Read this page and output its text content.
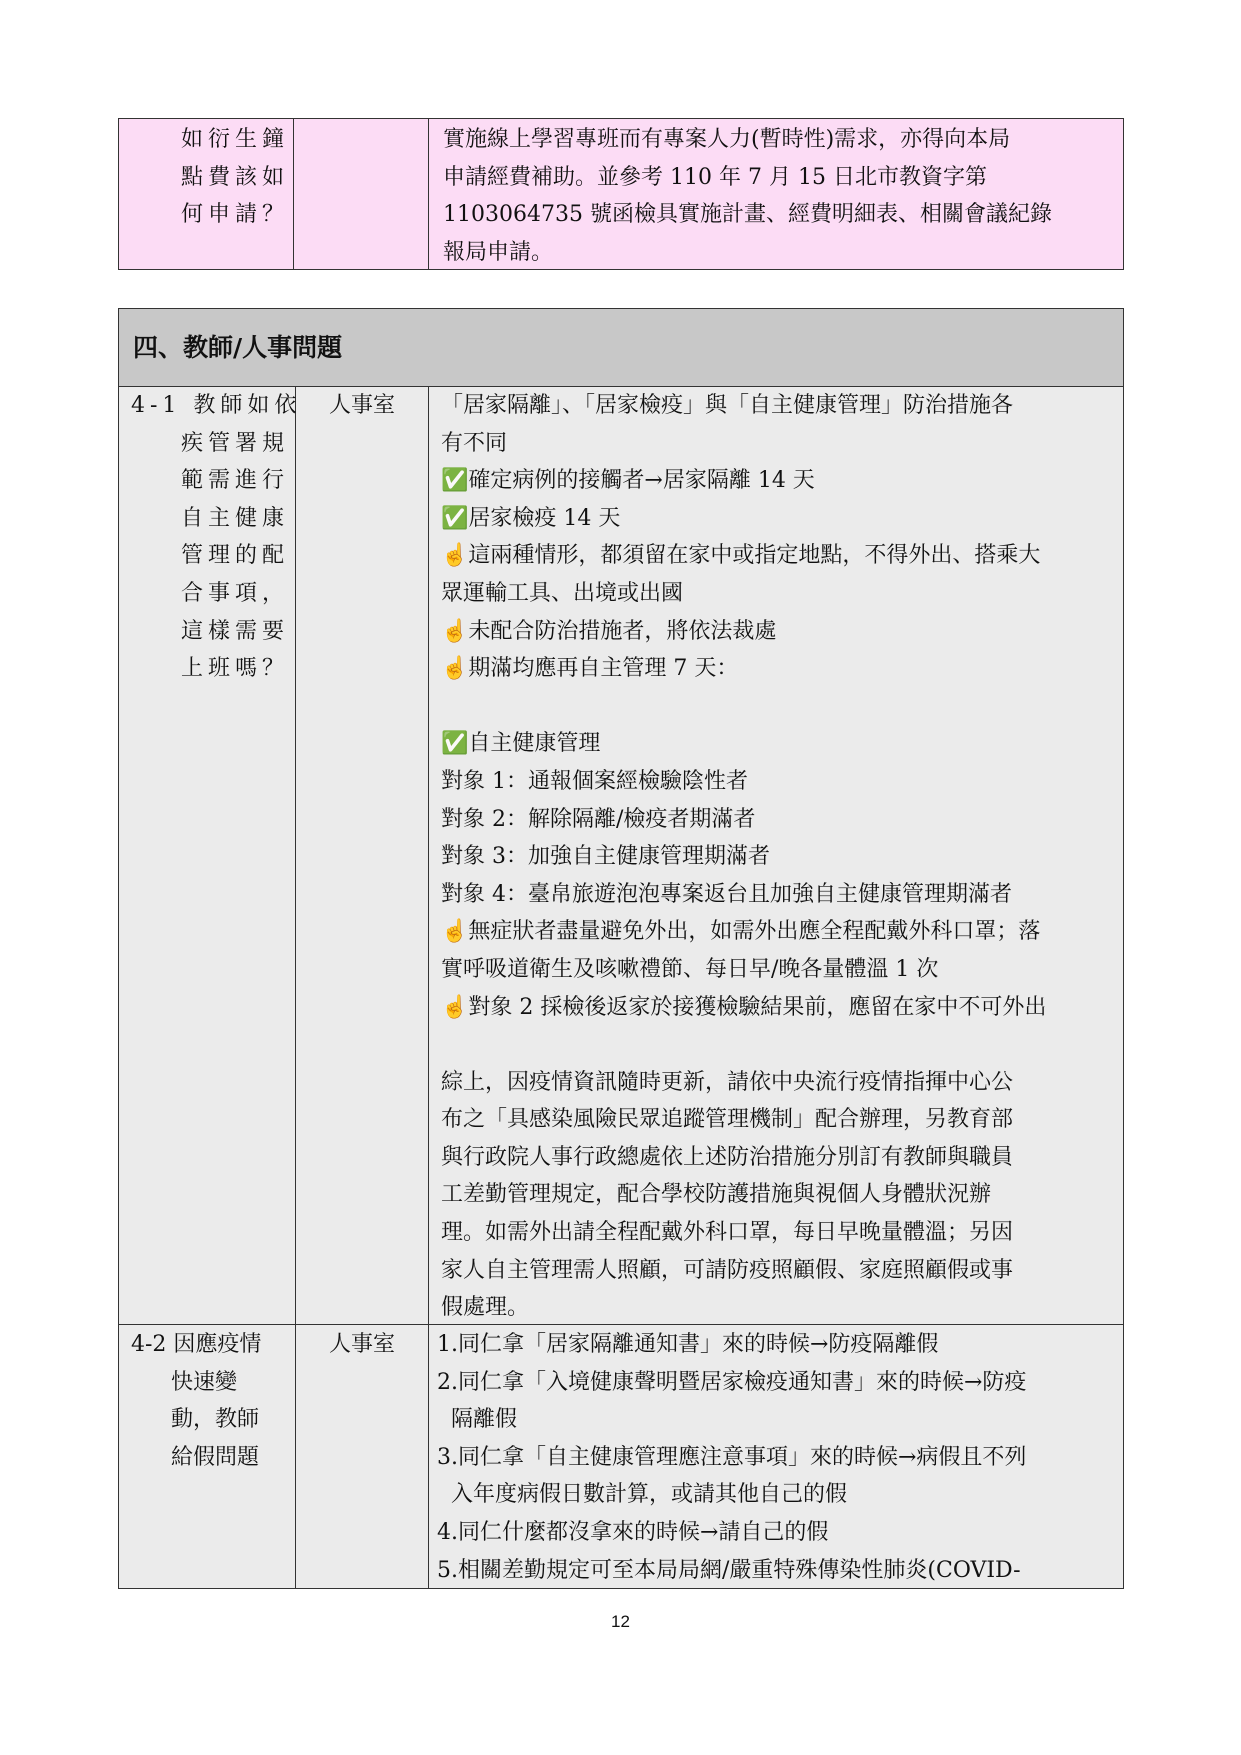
如衍生鐘
點費該如
何申請？
實施線上學習專班而有專案人力(暫時性)需求，亦得向本局
申請經費補助。並參考 110 年 7 月 15 日北市教資字第
1103064735 號函檢具實施計畫、經費明細表、相關會議紀錄
報局申請。
四、教師/人事問題
4-1 教師如依
疾管署規
範需進行
自主健康
管理的配
合事項，
這樣需要
上班嗎？
人事室 「居家隔離」、「居家檢疫」與「自主健康管理」防治措施各
有不同
✅確定病例的接觸者→居家隔離 14 天
✅居家檢疫 14 天
☝這兩種情形，都須留在家中或指定地點，不得外出、搭乘大
眾運輸工具、出境或出國
☝未配合防治措施者，將依法裁處
☝期滿均應再自主管理 7 天：
✅自主健康管理
對象 1：通報個案經檢驗陰性者
對象 2：解除隔離/檢疫者期滿者
對象 3：加強自主健康管理期滿者
對象 4：臺帛旅遊泡泡專案返台且加強自主健康管理期滿者
☝無症狀者盡量避免外出，如需外出應全程配戴外科口罩；落
實呼吸道衛生及咳嗽禮節、每日早/晚各量體溫 1 次
☝對象 2 採檢後返家於接獲檢驗結果前，應留在家中不可外出
綜上，因疫情資訊隨時更新，請依中央流行疫情指揮中心公
布之「具感染風險民眾追蹤管理機制」配合辦理，另教育部
與行政院人事行政總處依上述防治措施分別訂有教師與職員
工差勤管理規定，配合學校防護措施與視個人身體狀況辦
理。如需外出請全程配戴外科口罩，每日早晚量體溫；另因
家人自主管理需人照顧，可請防疫照顧假、家庭照顧假或事
假處理。
4-2 因應疫情
快速變
動，教師
給假問題
人事室 1.同仁拿「居家隔離通知書」來的時候→防疫隔離假
2.同仁拿「入境健康聲明暨居家檢疫通知書」來的時候→防疫
隔離假
3.同仁拿「自主健康管理應注意事項」來的時候→病假且不列
入年度病假日數計算，或請其他自己的假
4.同仁什麼都沒拿來的時候→請自己的假
5.相關差勤規定可至本局局網/嚴重特殊傳染性肺炎(COVID-
12
